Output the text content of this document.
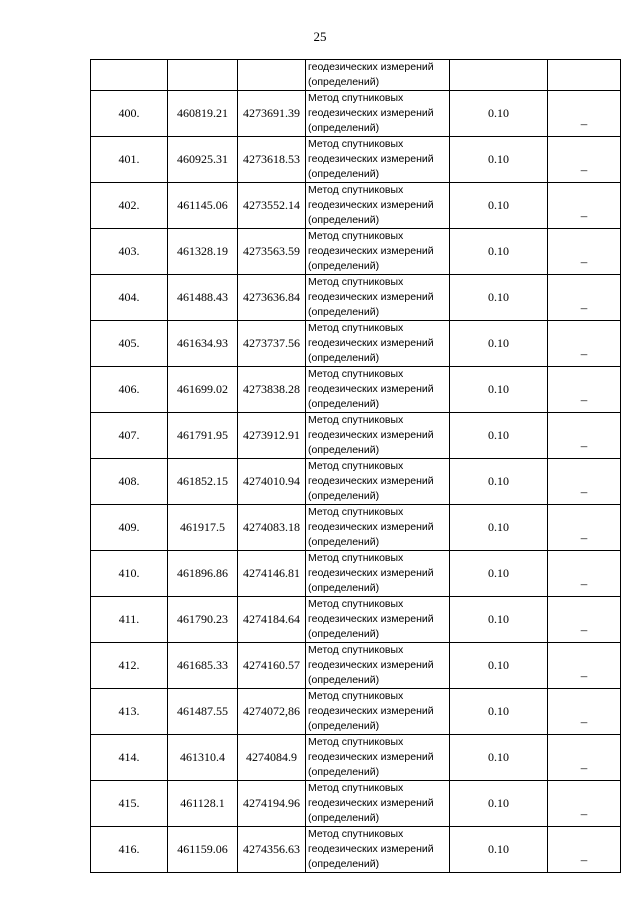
25
			геодезических измерений (определений)		
400.	460819.21	4273691.39	Метод спутниковых геодезических измерений (определений)	0.10	–
401.	460925.31	4273618.53	Метод спутниковых геодезических измерений (определений)	0.10	–
402.	461145.06	4273552.14	Метод спутниковых геодезических измерений (определений)	0.10	–
403.	461328.19	4273563.59	Метод спутниковых геодезических измерений (определений)	0.10	–
404.	461488.43	4273636.84	Метод спутниковых геодезических измерений (определений)	0.10	–
405.	461634.93	4273737.56	Метод спутниковых геодезических измерений (определений)	0.10	–
406.	461699.02	4273838.28	Метод спутниковых геодезических измерений (определений)	0.10	–
407.	461791.95	4273912.91	Метод спутниковых геодезических измерений (определений)	0.10	–
408.	461852.15	4274010.94	Метод спутниковых геодезических измерений (определений)	0.10	–
409.	461917.5	4274083.18	Метод спутниковых геодезических измерений (определений)	0.10	–
410.	461896.86	4274146.81	Метод спутниковых геодезических измерений (определений)	0.10	–
411.	461790.23	4274184.64	Метод спутниковых геодезических измерений (определений)	0.10	–
412.	461685.33	4274160.57	Метод спутниковых геодезических измерений (определений)	0.10	–
413.	461487.55	4274072,86	Метод спутниковых геодезических измерений (определений)	0.10	–
414.	461310.4	4274084.9	Метод спутниковых геодезических измерений (определений)	0.10	–
415.	461128.1	4274194.96	Метод спутниковых геодезических измерений (определений)	0.10	–
416.	461159.06	4274356.63	Метод спутниковых геодезических измерений (определений)	0.10	–
